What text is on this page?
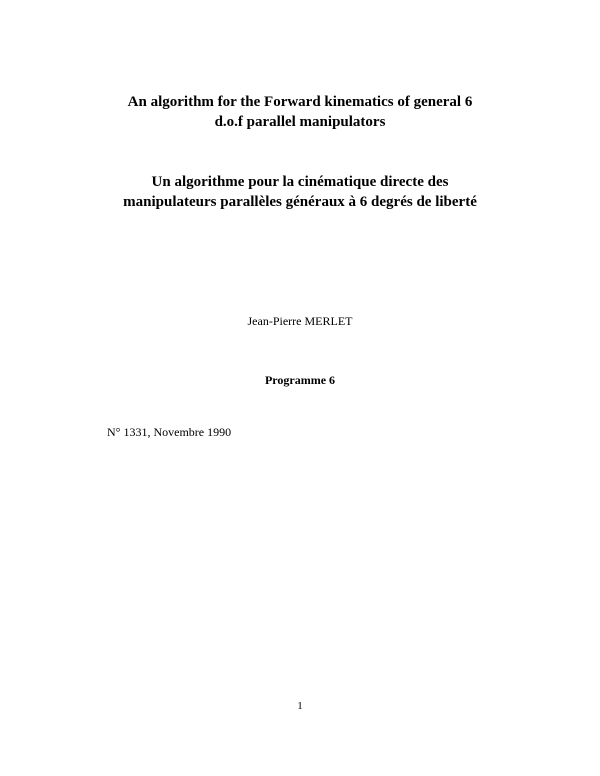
An algorithm for the Forward kinematics of general 6
d.o.f parallel manipulators
Un algorithme pour la cinématique directe des
manipulateurs parallèles généraux à 6 degrés de liberté
Jean-Pierre MERLET
Programme 6
N° 1331, Novembre 1990
1
